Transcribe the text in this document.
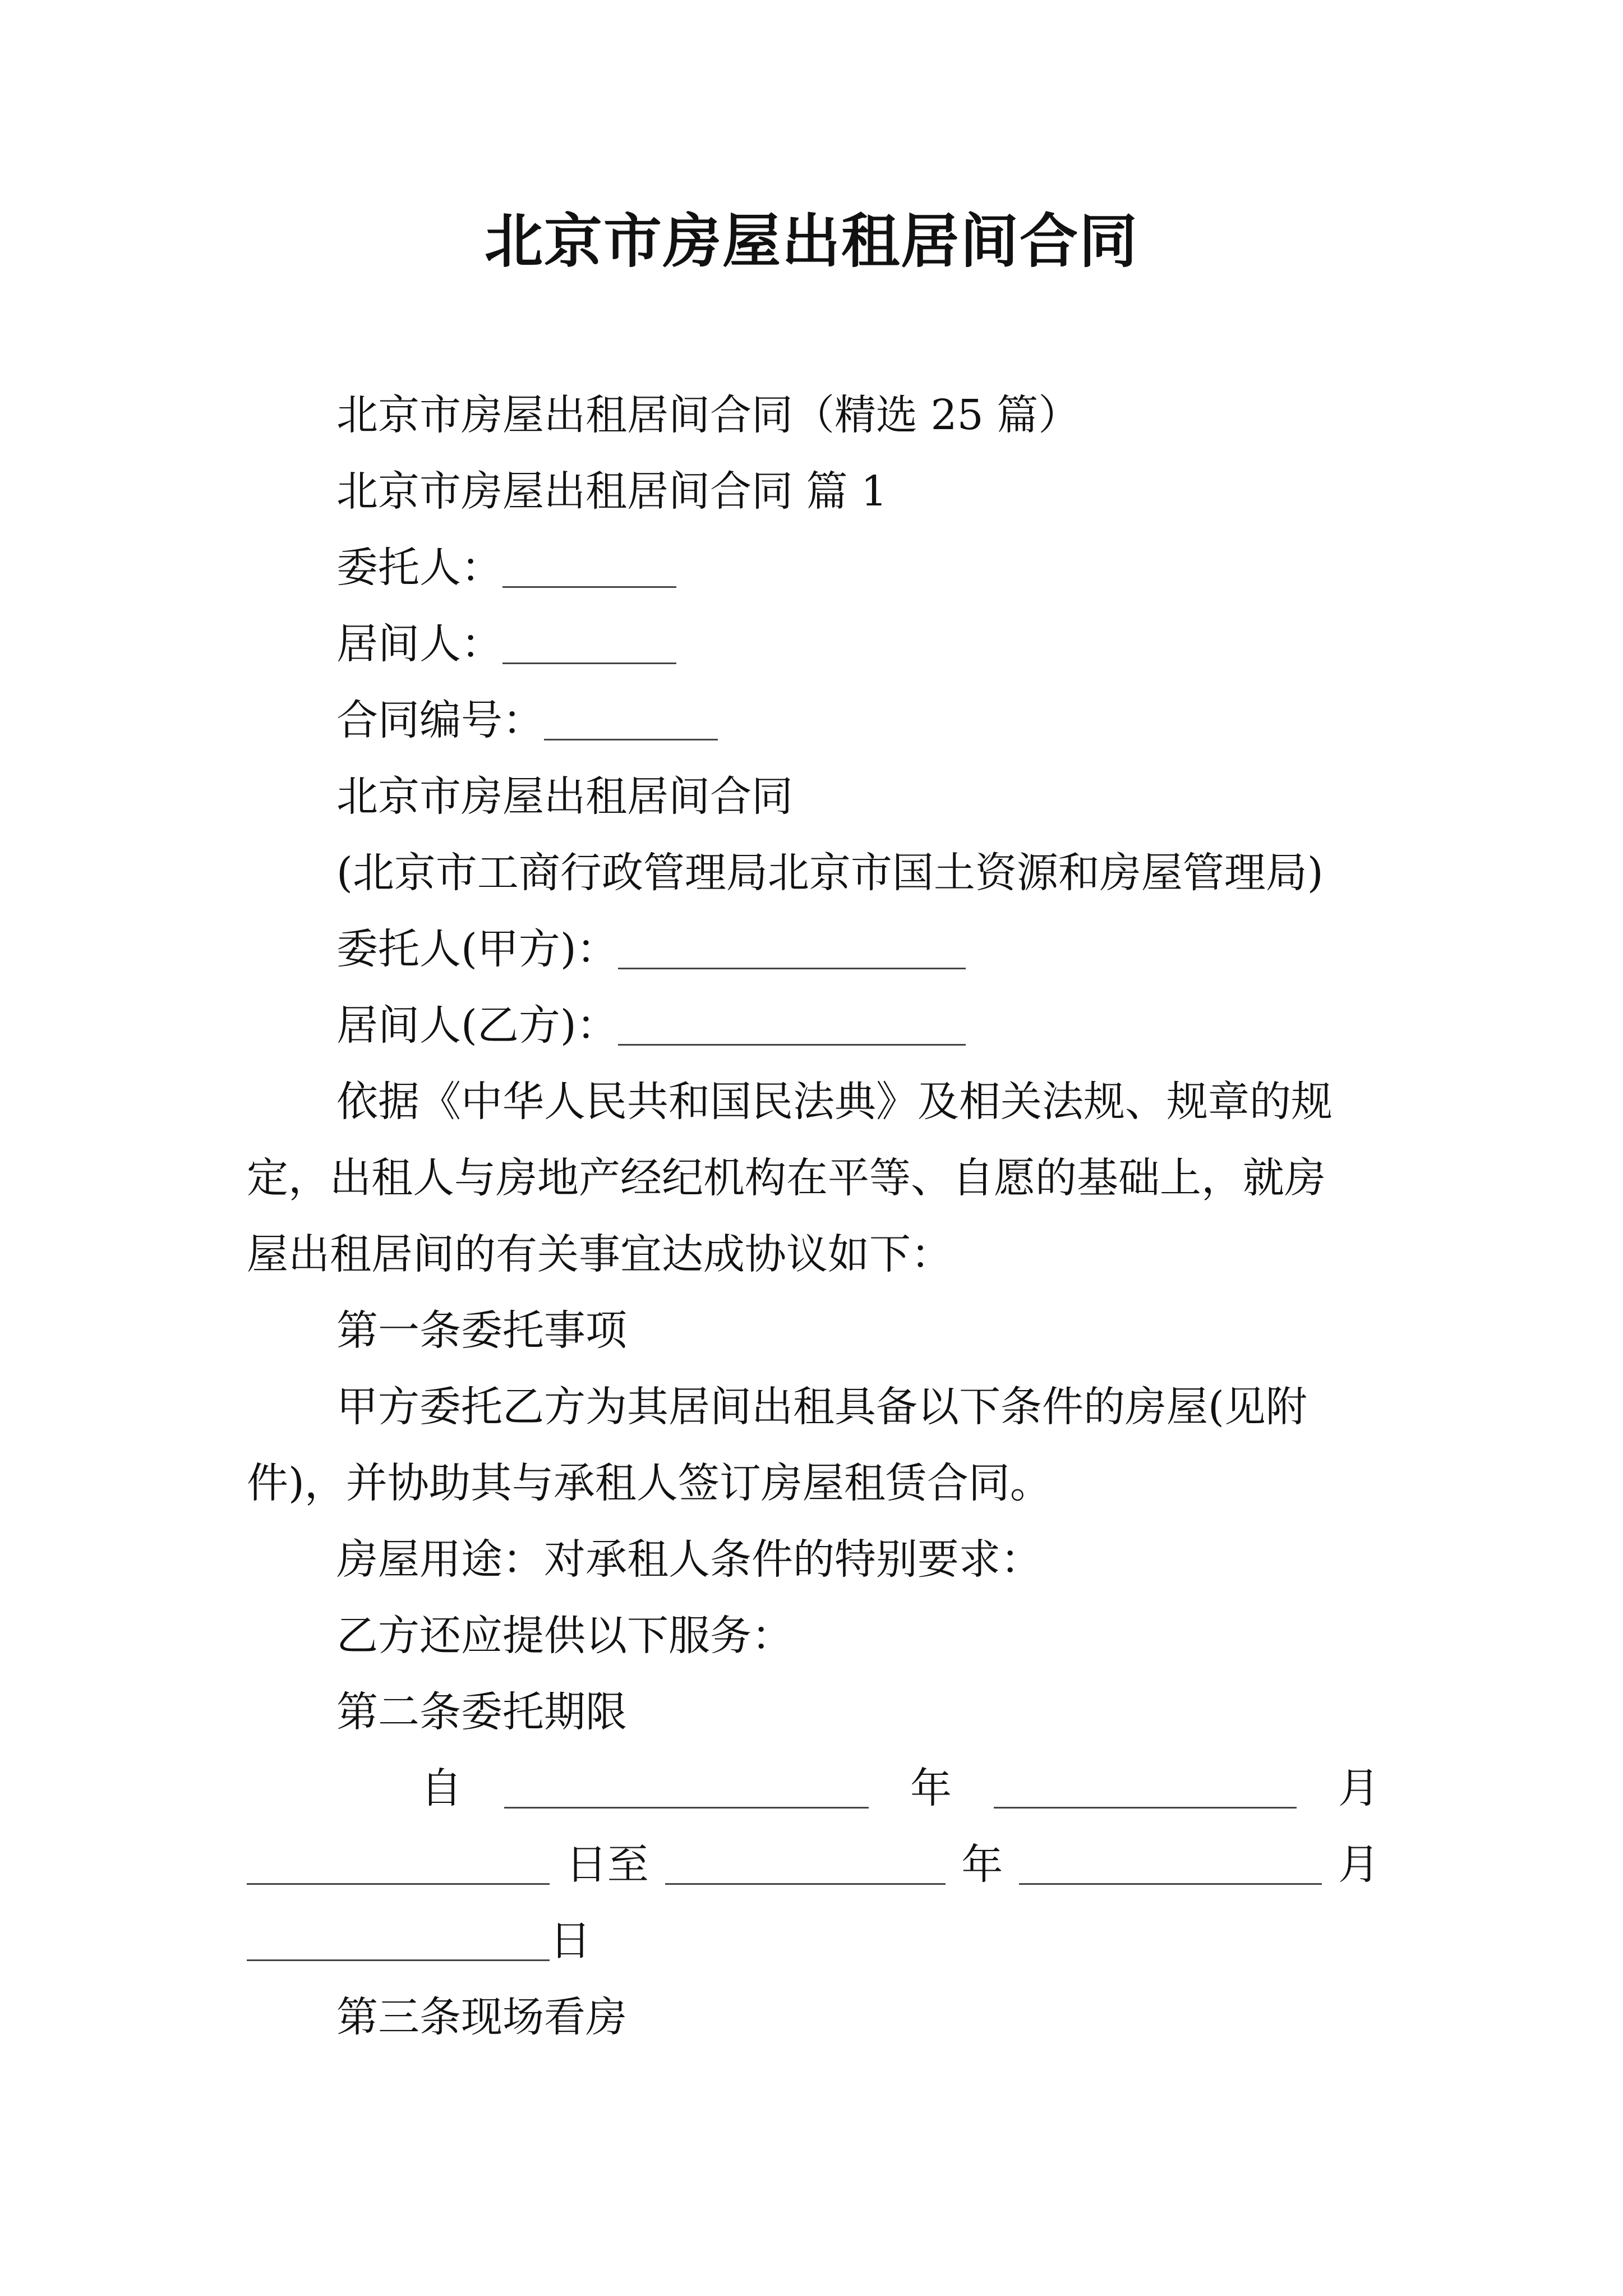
北京市房屋出租居间合同
北京市房屋出租居间合同（精选 25 篇）
北京市房屋出租居间合同 篇 1
委托人：
居间人：
合同编号：
北京市房屋出租居间合同
(北京市工商行政管理局北京市国土资源和房屋管理局)
委托人(甲方)：
居间人(乙方)：
依据《中华人民共和国民法典》及相关法规、规章的规
定，出租人与房地产经纪机构在平等、自愿的基础上，就房
屋出租居间的有关事宜达成协议如下：
第一条委托事项
甲方委托乙方为其居间出租具备以下条件的房屋(见附
件)，并协助其与承租人签订房屋租赁合同。
房屋用途：对承租人条件的特别要求：
乙方还应提供以下服务：
第二条委托期限
自	年	月
日至	年	月
日
第三条现场看房
